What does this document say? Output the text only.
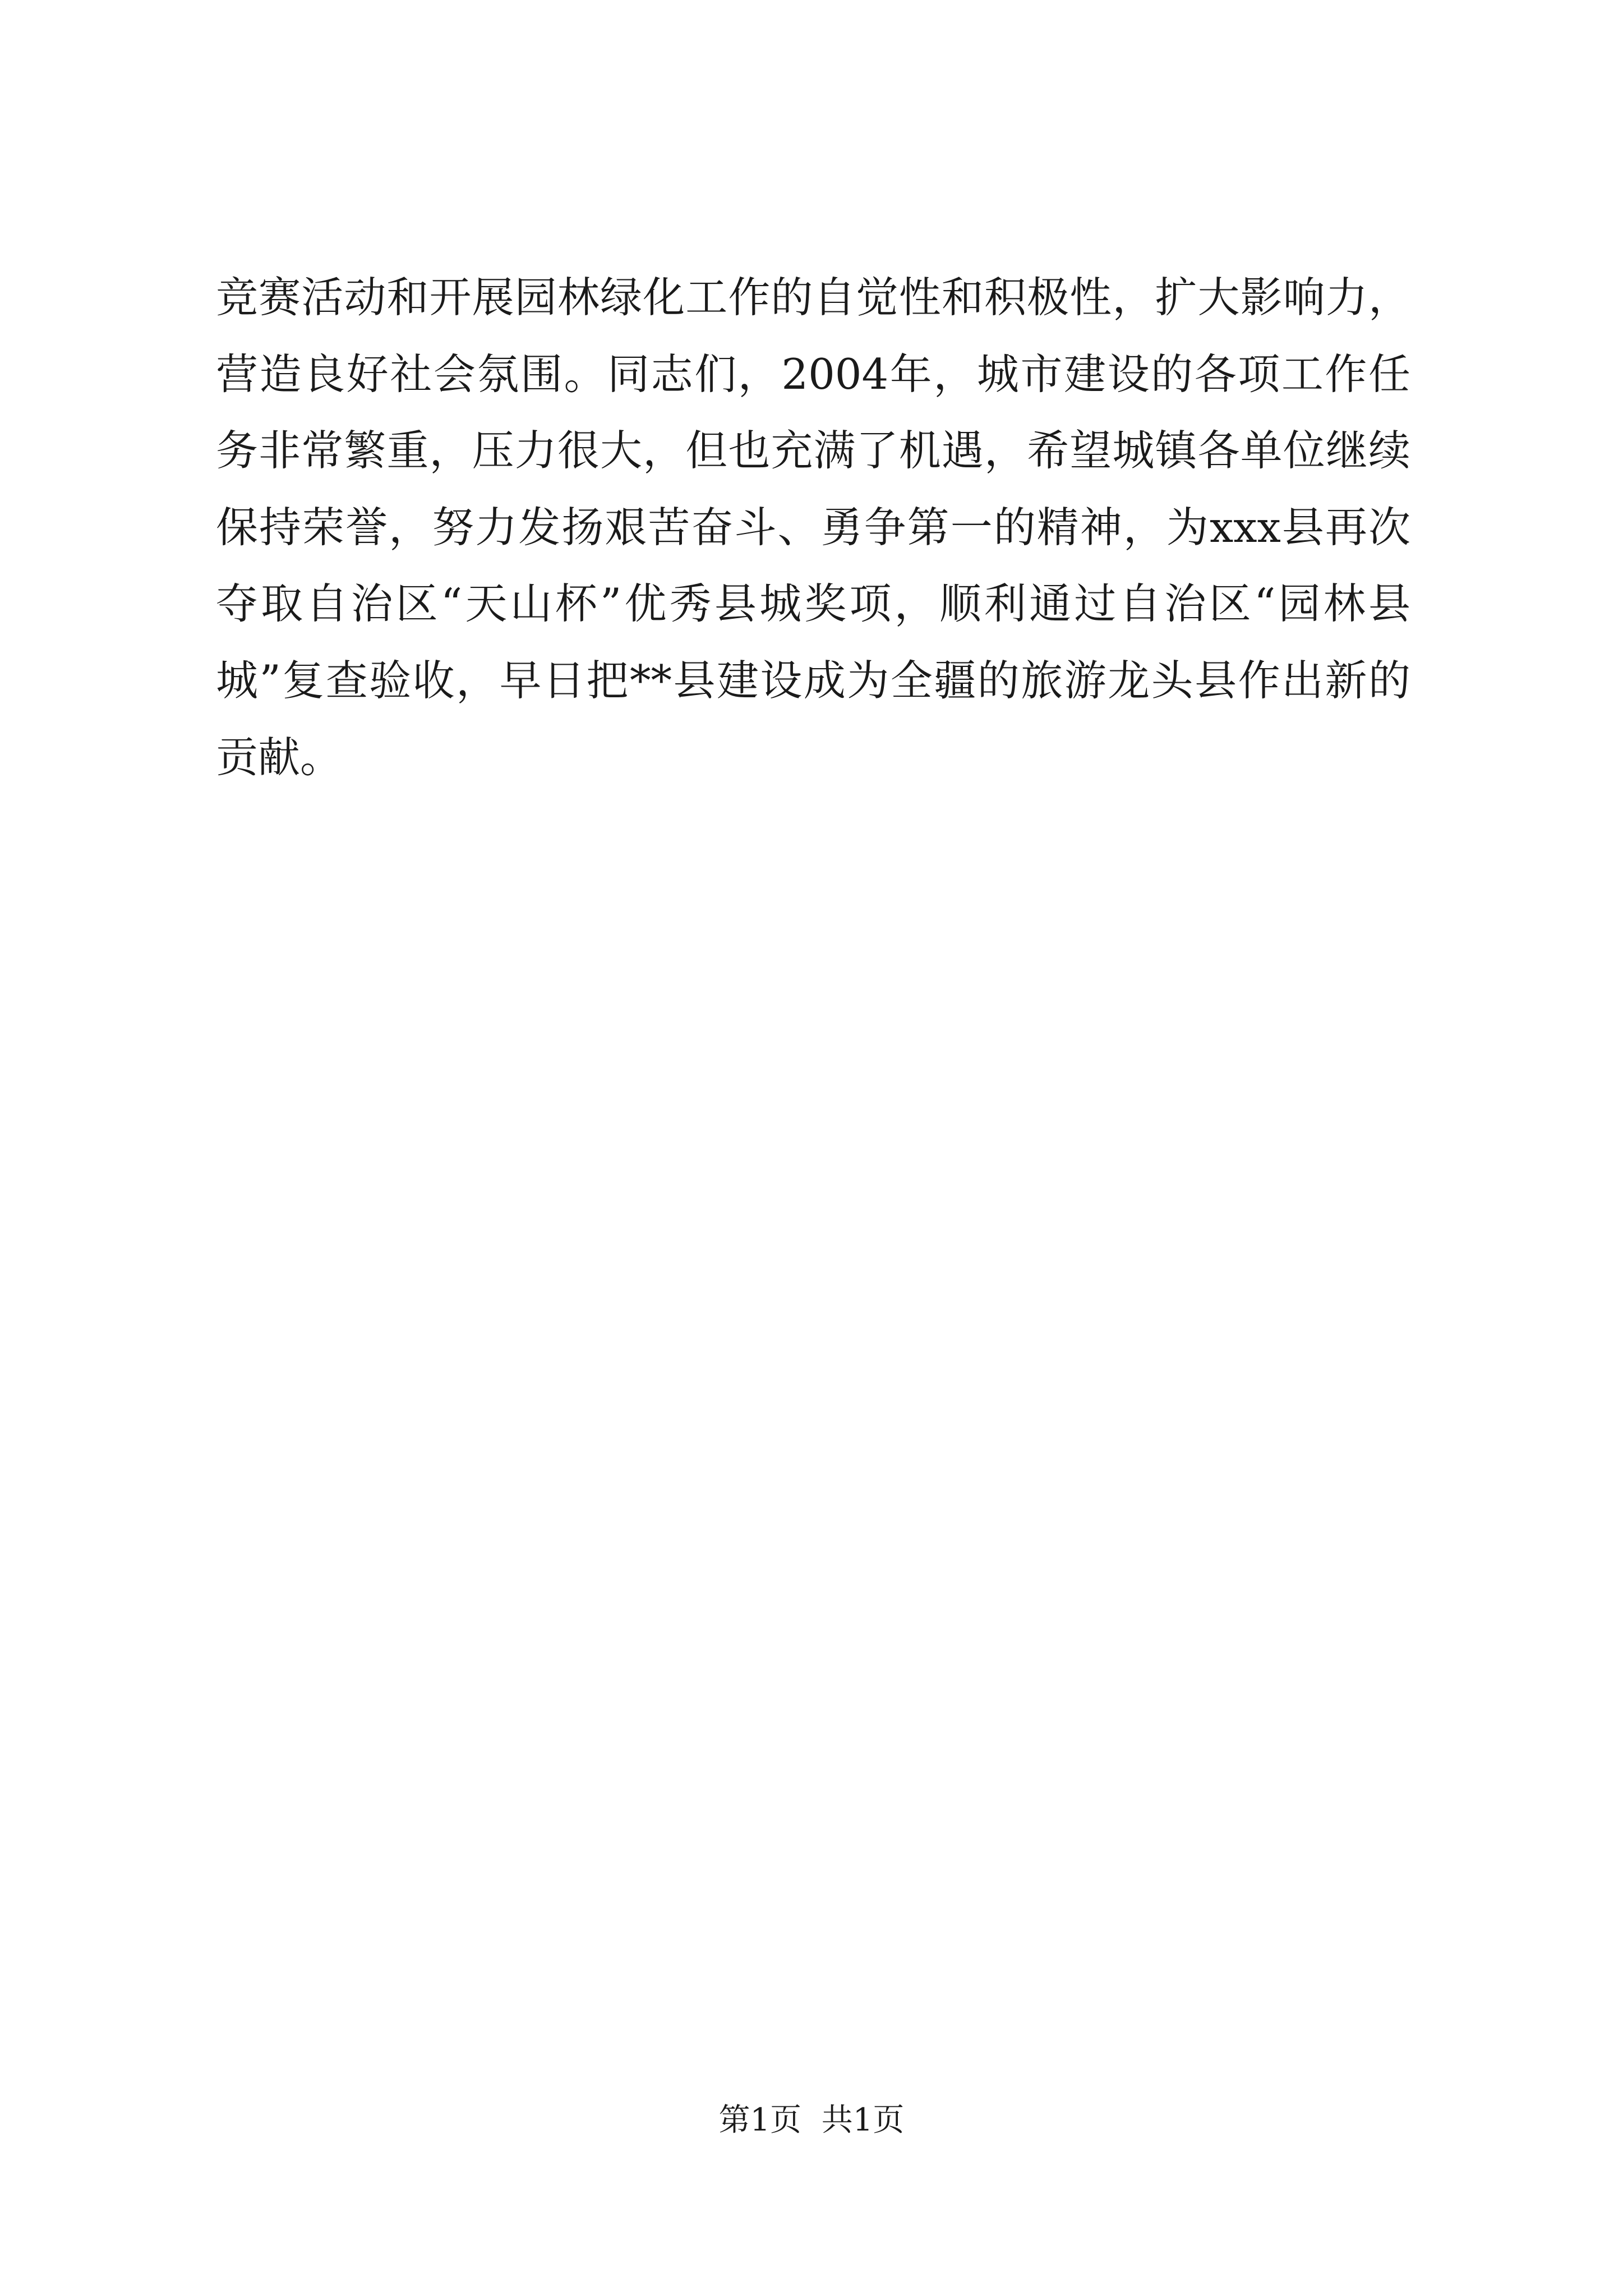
竞赛活动和开展园林绿化工作的自觉性和积极性，扩大影响力，
营造良好社会氛围。同志们，2004年，城市建设的各项工作任
务非常繁重，压力很大，但也充满了机遇，希望城镇各单位继续
保持荣誉，努力发扬艰苦奋斗、勇争第一的精神，为xxx县再次
夺取自治区“天山杯”优秀县城奖项，顺利通过自治区“园林县
城”复查验收，早日把**县建设成为全疆的旅游龙头县作出新的
贡献。
第1页 共1页
